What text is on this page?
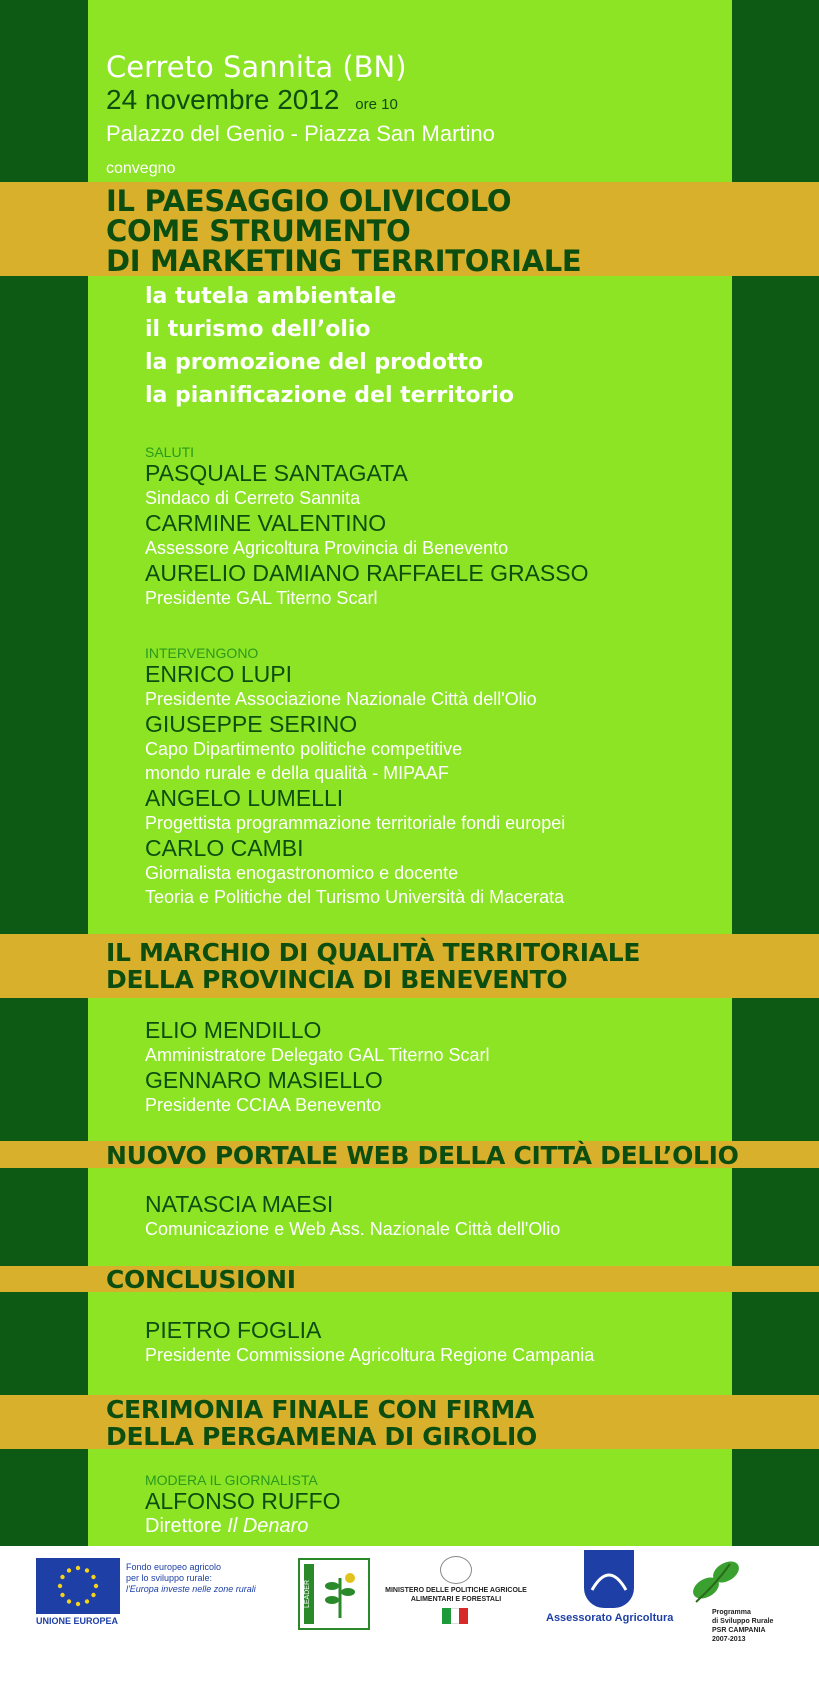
Cerreto Sannita (BN)
24 novembre 2012 ore 10
Palazzo del Genio - Piazza San Martino
convegno
IL PAESAGGIO OLIVICOLO
COME STRUMENTO
DI MARKETING TERRITORIALE
la tutela ambientale
il turismo dell’olio
la promozione del prodotto
la pianificazione del territorio
SALUTI
PASQUALE SANTAGATA
Sindaco di Cerreto Sannita
CARMINE VALENTINO
Assessore Agricoltura Provincia di Benevento
AURELIO DAMIANO RAFFAELE GRASSO
Presidente GAL Titerno Scarl
INTERVENGONO
ENRICO LUPI
Presidente Associazione Nazionale Città dell'Olio
GIUSEPPE SERINO
Capo Dipartimento politiche competitive
mondo rurale e della qualità - MIPAAF
ANGELO LUMELLI
Progettista programmazione territoriale fondi europei
CARLO CAMBI
Giornalista enogastronomico e docente
Teoria e Politiche del Turismo Università di Macerata
IL MARCHIO DI QUALITÀ TERRITORIALE
DELLA PROVINCIA DI BENEVENTO
ELIO MENDILLO
Amministratore Delegato GAL Titerno Scarl
GENNARO MASIELLO
Presidente CCIAA Benevento
NUOVO PORTALE WEB DELLA CITTÀ DELL’OLIO
NATASCIA MAESI
Comunicazione e Web Ass. Nazionale Città dell'Olio
CONCLUSIONI
PIETRO FOGLIA
Presidente Commissione Agricoltura Regione Campania
CERIMONIA FINALE CON FIRMA
DELLA PERGAMENA DI GIROLIO
MODERA IL GIORNALISTA
ALFONSO RUFFO
Direttore Il Denaro
UNIONE EUROPEA
Fondo europeo agricolo
per lo sviluppo rurale:
l'Europa investe nelle zone rurali	LEADER	MINISTERO DELLE POLITICHE AGRICOLE
ALIMENTARI E FORESTALI
Assessorato Agricoltura	Programma
di Sviluppo Rurale
PSR CAMPANIA
2007-2013
